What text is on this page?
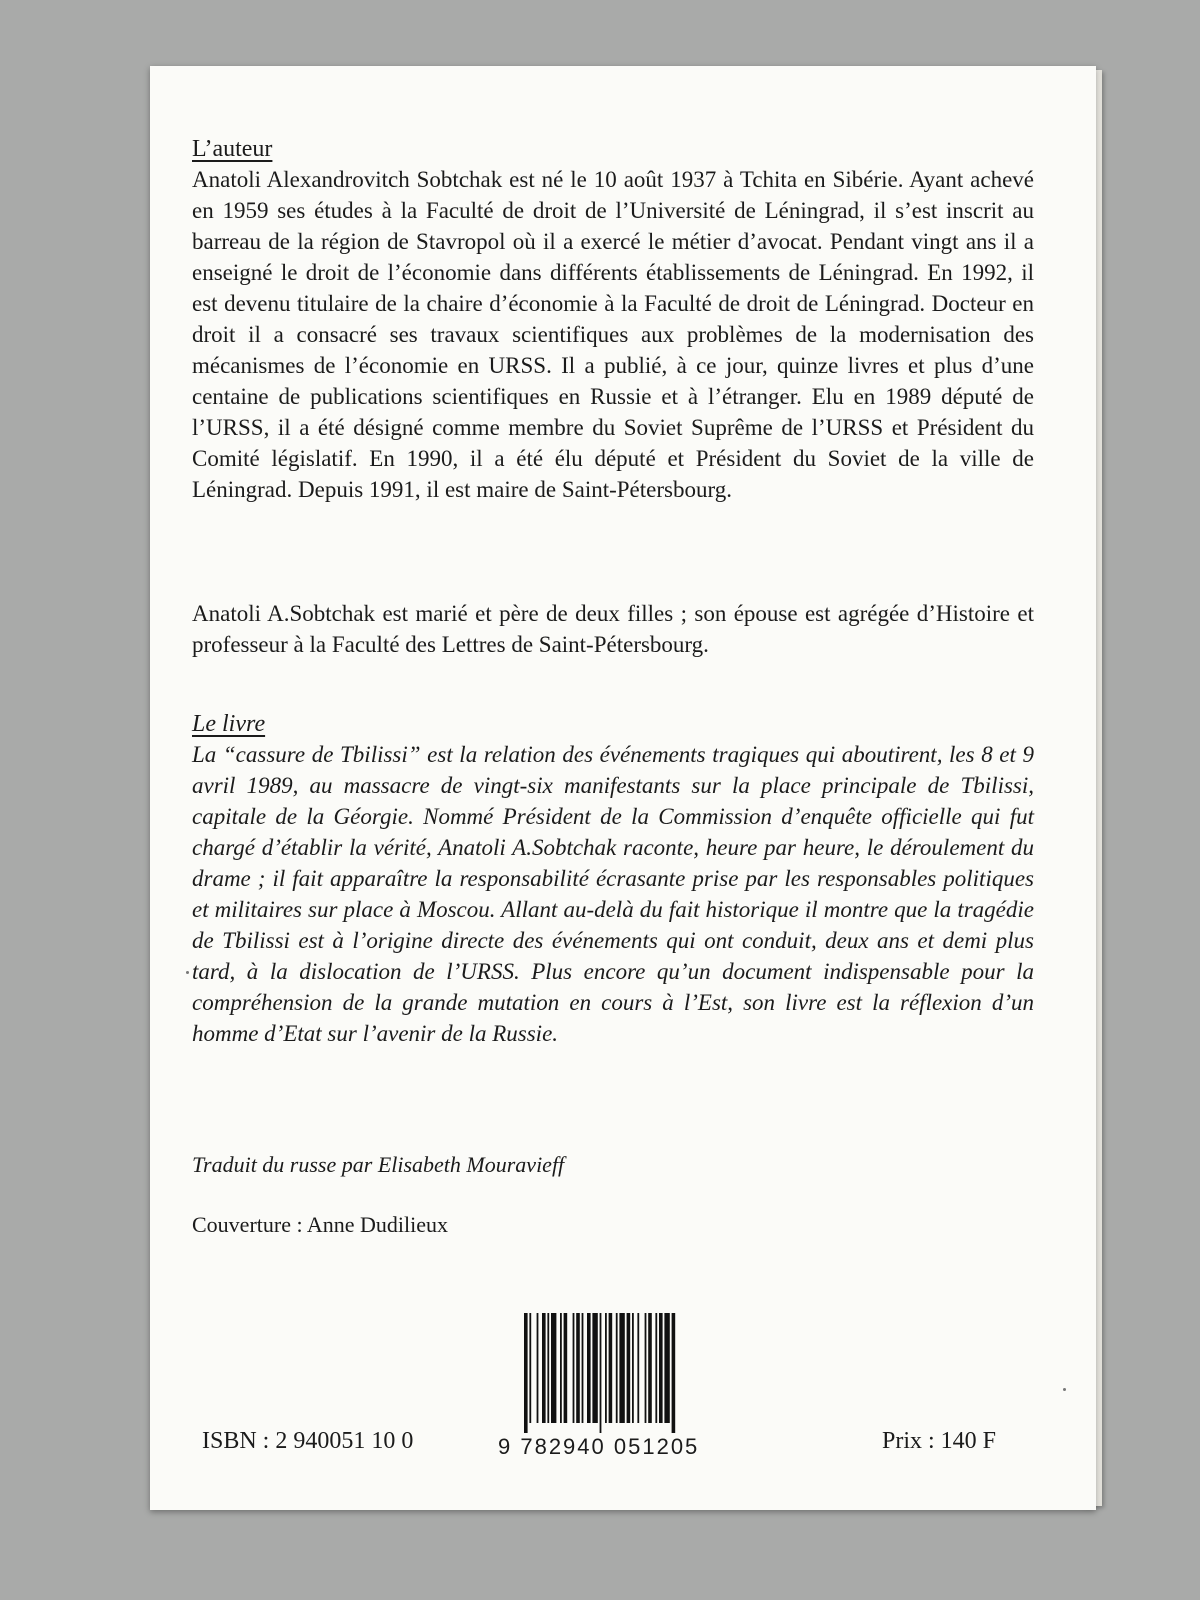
L’auteur

Anatoli Alexandrovitch Sobtchak est né le 10 août 1937 à Tchita en Sibérie. Ayant achevé en 1959 ses études à la Faculté de droit de l’Université de Léningrad, il s’est inscrit au barreau de la région de Stavropol où il a exercé le métier d’avocat. Pendant vingt ans il a enseigné le droit de l’économie dans différents établissements de Léningrad. En 1992, il est devenu titulaire de la chaire d’économie à la Faculté de droit de Léningrad. Docteur en droit il a consacré ses travaux scientifiques aux problèmes de la modernisation des mécanismes de l’économie en URSS. Il a publié, à ce jour, quinze livres et plus d’une centaine de publications scientifiques en Russie et à l’étranger. Elu en 1989 député de l’URSS, il a été désigné comme membre du Soviet Suprême de l’URSS et Président du Comité législatif. En 1990, il a été élu député et Président du Soviet de la ville de Léningrad. Depuis 1991, il est maire de Saint-Pétersbourg.

Anatoli A.Sobtchak est marié et père de deux filles ; son épouse est agrégée d’Histoire et professeur à la Faculté des Lettres de Saint-Pétersbourg.

Le livre

La “cassure de Tbilissi” est la relation des événements tragiques qui aboutirent, les 8 et 9 avril 1989, au massacre de vingt-six manifestants sur la place principale de Tbilissi, capitale de la Géorgie. Nommé Président de la Commission d’enquête officielle qui fut chargé d’établir la vérité, Anatoli A.Sobtchak raconte, heure par heure, le déroulement du drame ; il fait apparaître la responsabilité écrasante prise par les responsables politiques et militaires sur place à Moscou. Allant au-delà du fait historique il montre que la tragédie de Tbilissi est à l’origine directe des événements qui ont conduit, deux ans et demi plus tard, à la dislocation de l’URSS. Plus encore qu’un document indispensable pour la compréhension de la grande mutation en cours à l’Est, son livre est la réflexion d’un homme d’Etat sur l’avenir de la Russie.

Traduit du russe par Elisabeth Mouravieff
Couverture : Anne Dudilieux
9 782940 051205
ISBN : 2 940051 10 0	Prix : 140 F
